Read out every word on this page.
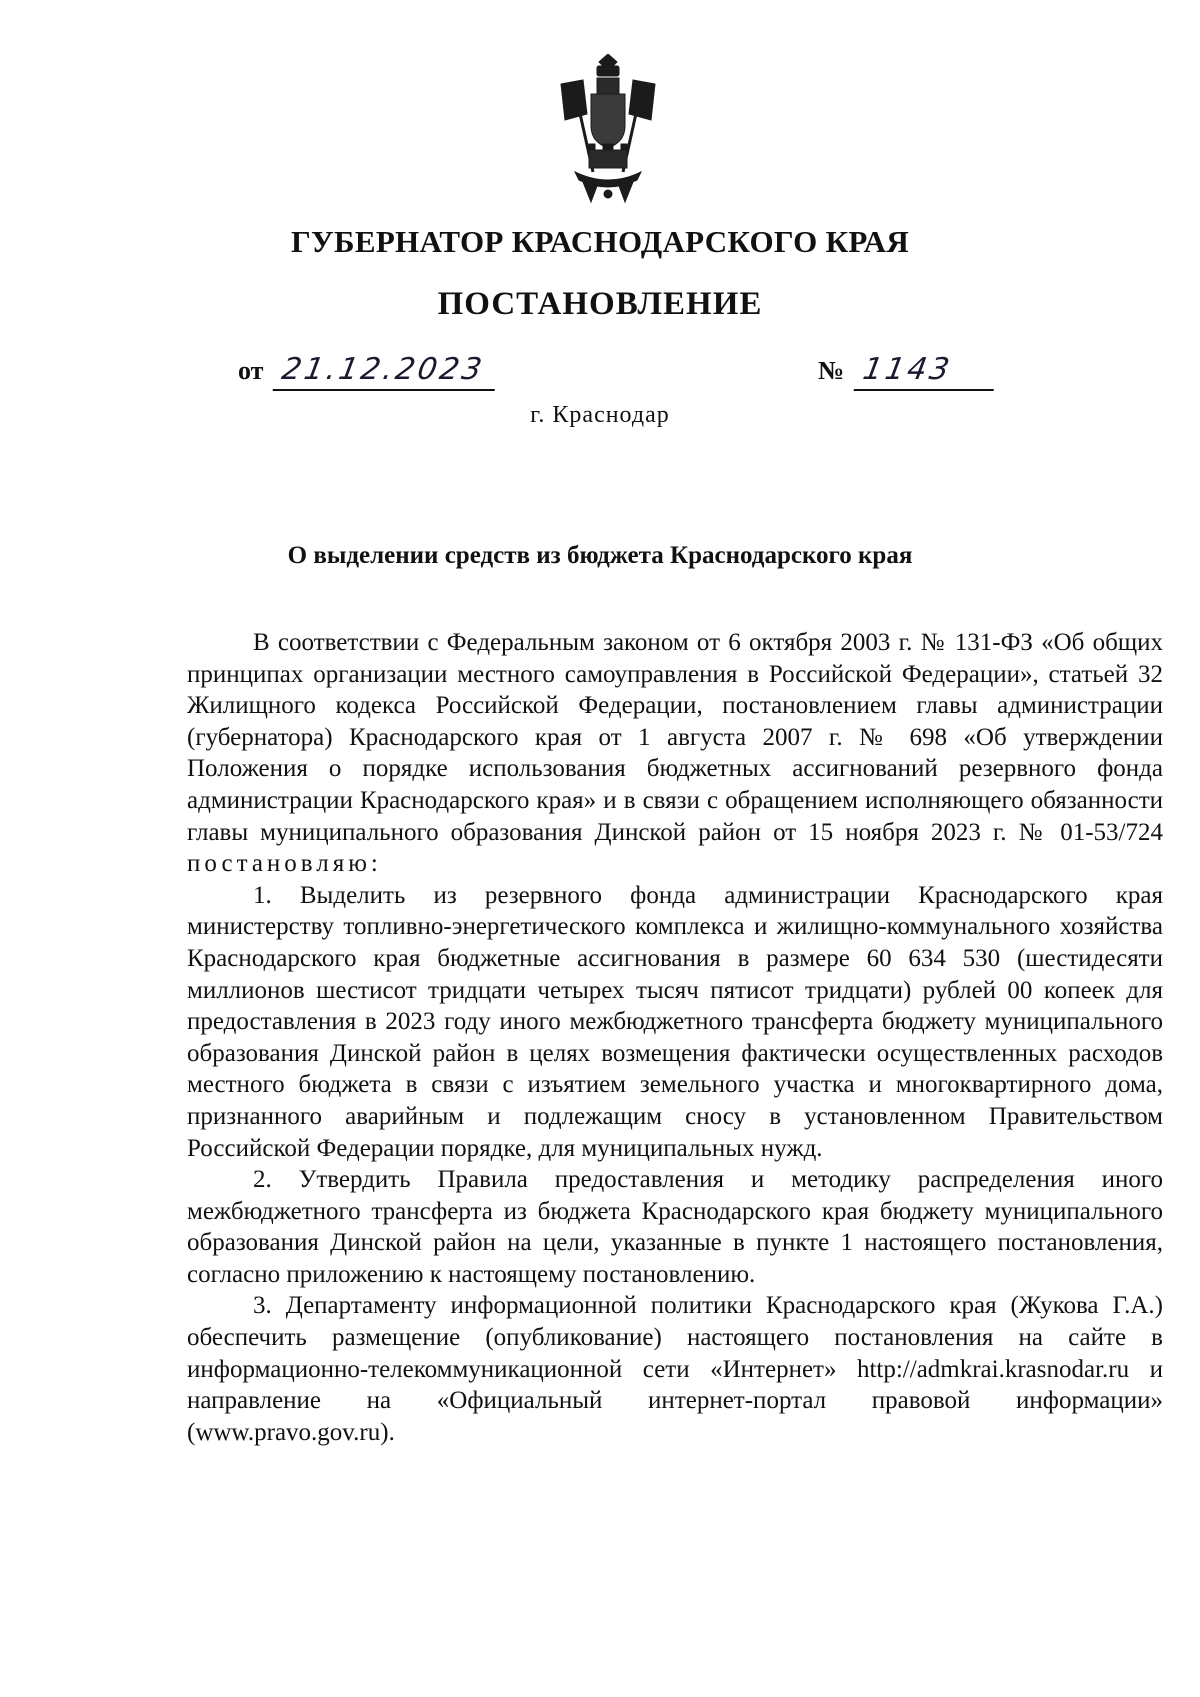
ГУБЕРНАТОР КРАСНОДАРСКОГО КРАЯ
ПОСТАНОВЛЕНИЕ
от 21.12.2023	№ 1143
г. Краснодар
О выделении средств из бюджета Краснодарского края

В соответствии с Федеральным законом от 6 октября 2003 г. № 131-ФЗ «Об общих принципах организации местного самоуправления в Российской Федерации», статьей 32 Жилищного кодекса Российской Федерации, постановлением главы администрации (губернатора) Краснодарского края от 1 августа 2007 г. № 698 «Об утверждении Положения о порядке использования бюджетных ассигнований резервного фонда администрации Краснодарского края» и в связи с обращением исполняющего обязанности главы муниципального образования Динской район от 15 ноября 2023 г. № 01-53/724 постановляю:

1. Выделить из резервного фонда администрации Краснодарского края министерству топливно-энергетического комплекса и жилищно-коммунального хозяйства Краснодарского края бюджетные ассигнования в размере 60 634 530 (шестидесяти миллионов шестисот тридцати четырех тысяч пятисот тридцати) рублей 00 копеек для предоставления в 2023 году иного межбюджетного трансферта бюджету муниципального образования Динской район в целях возмещения фактически осуществленных расходов местного бюджета в связи с изъятием земельного участка и многоквартирного дома, признанного аварийным и подлежащим сносу в установленном Правительством Российской Федерации порядке, для муниципальных нужд.

2. Утвердить Правила предоставления и методику распределения иного межбюджетного трансферта из бюджета Краснодарского края бюджету муниципального образования Динской район на цели, указанные в пункте 1 настоящего постановления, согласно приложению к настоящему постановлению.

3. Департаменту информационной политики Краснодарского края (Жукова Г.А.) обеспечить размещение (опубликование) настоящего постановления на сайте в информационно-телекоммуникационной сети «Интернет» http://admkrai.krasnodar.ru и направление на «Официальный интернет-портал правовой информации» (www.pravo.gov.ru).
